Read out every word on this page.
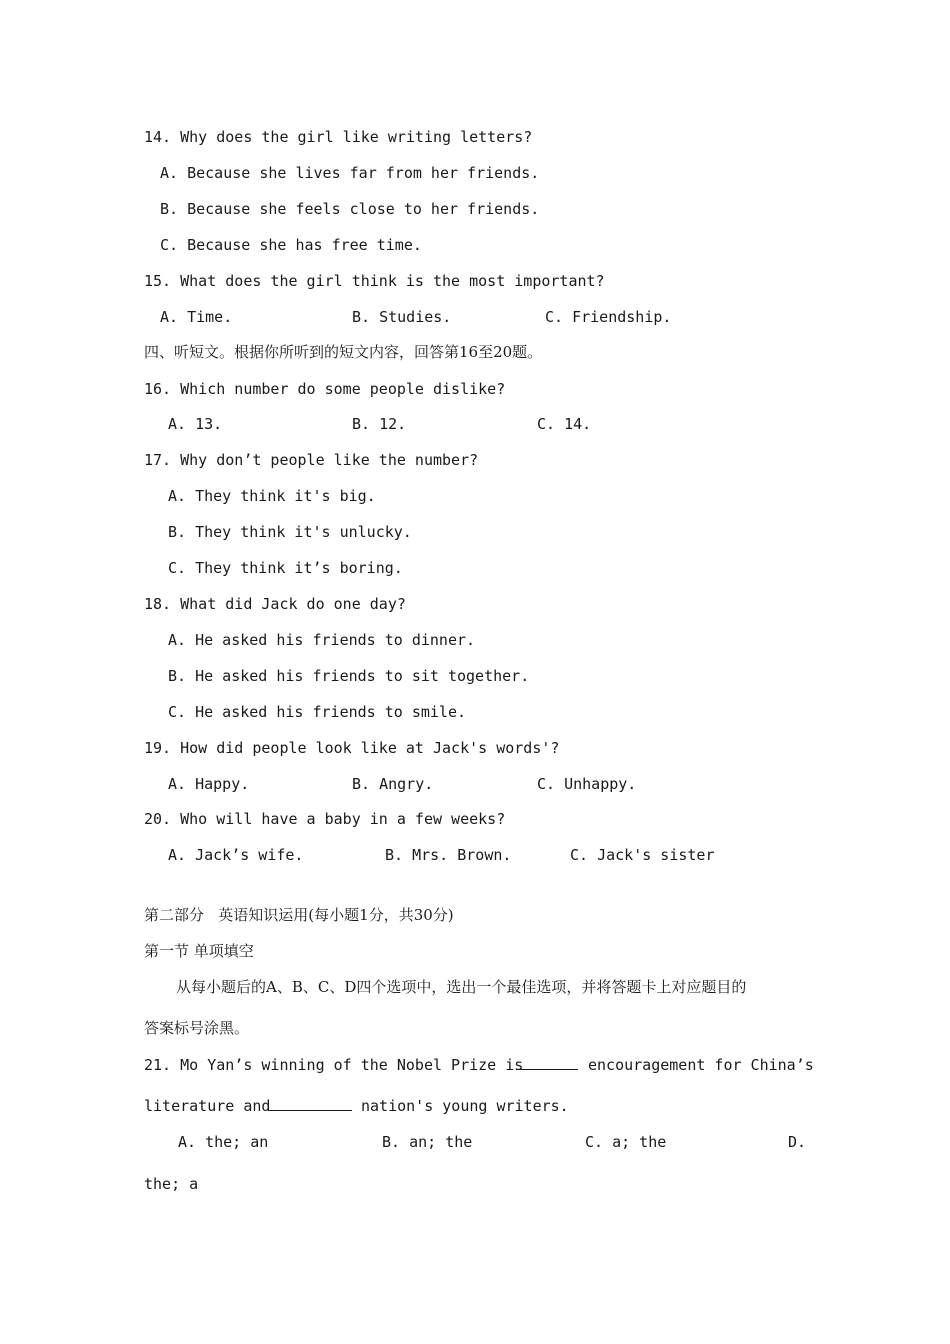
14. Why does the girl like writing letters?
A. Because she lives far from her friends.
B. Because she feels close to her friends.
C. Because she has free time.
15. What does the girl think is the most important?
A. Time.	B. Studies.	C. Friendship.
四、听短文。根据你所听到的短文内容，回答第16至20题。
16. Which number do some people dislike?
A. 13.	B. 12.	C. 14.
17. Why don’t people like the number?
A. They think it's big.
B. They think it's unlucky.
C. They think it’s boring.
18. What did Jack do one day?
A. He asked his friends to dinner.
B. He asked his friends to sit together.
C. He asked his friends to smile.
19. How did people look like at Jack's words'?
A. Happy.	B. Angry.	C. Unhappy.
20. Who will have a baby in a few weeks?
A. Jack’s wife.	B. Mrs. Brown.	C. Jack's sister
第二部分   英语知识运用(每小题1分，共30分)
第一节 单项填空
从每小题后的A、B、C、D四个选项中，选出一个最佳选项，并将答题卡上对应题目的
答案标号涂黑。
21. Mo Yan’s winning of the Nobel Prize is	encouragement for China’s
literature and	nation's young writers.
A. the; an	B. an; the	C. a; the	D.
the; a
